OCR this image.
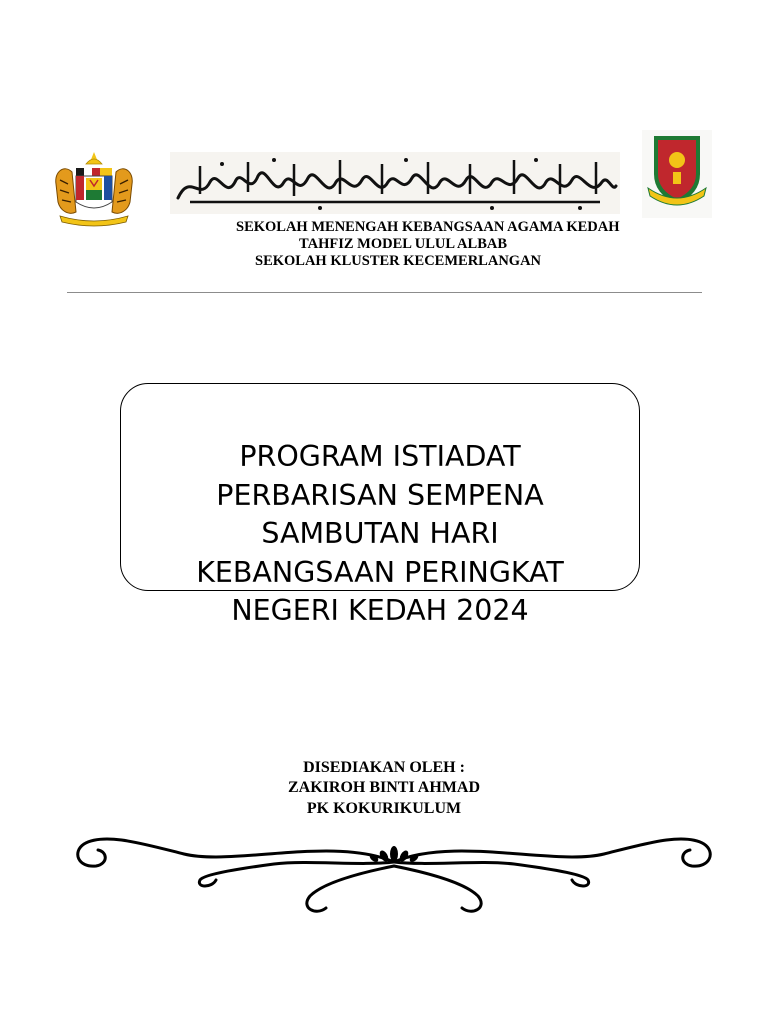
SEKOLAH MENENGAH KEBANGSAAN AGAMA KEDAH
TAHFIZ MODEL ULUL ALBAB
SEKOLAH KLUSTER KECEMERLANGAN
PROGRAM ISTIADAT
PERBARISAN SEMPENA
SAMBUTAN HARI
KEBANGSAAN PERINGKAT
NEGERI KEDAH 2024
DISEDIAKAN OLEH :
ZAKIROH BINTI AHMAD
PK KOKURIKULUM
